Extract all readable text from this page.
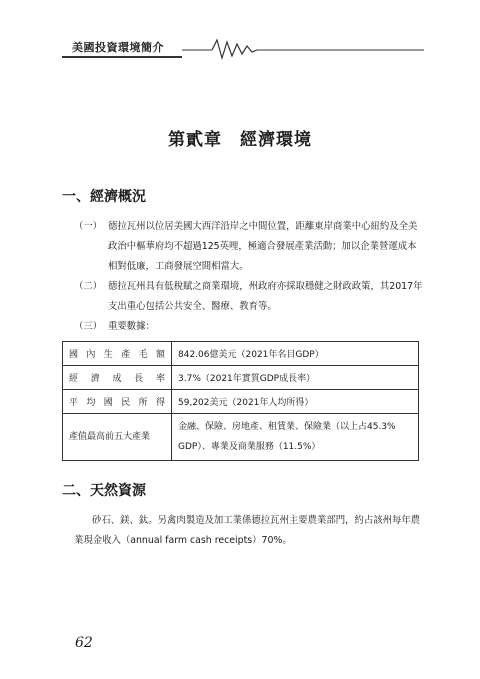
美國投資環境簡介
第貳章　經濟環境
一、經濟概況
（一） 德拉瓦州以位居美國大西洋沿岸之中間位置，距離東岸商業中心紐約及全美政治中樞華府均不超過125英哩，極適合發展產業活動；加以企業營運成本相對低廉，工商發展空間相當大。
（二） 德拉瓦州具有低稅賦之商業環境，州政府亦採取穩健之財政政策，其2017年支出重心包括公共安全、醫療、教育等。
（三） 重要數據：
國內生產毛額	842.06億美元（2021年名目GDP）
經濟成長率	3.7%（2021年實質GDP成長率）
平均國民所得	59,202美元（2021年人均所得）
產值最高前五大產業	金融、保險、房地產、租賃業、保險業（以上占45.3% GDP）、專業及商業服務（11.5%）
二、天然資源
砂石、鎂、鈦。另禽肉製造及加工業係德拉瓦州主要農業部門，約占該州每年農業現金收入（annual farm cash receipts）70%。
62
